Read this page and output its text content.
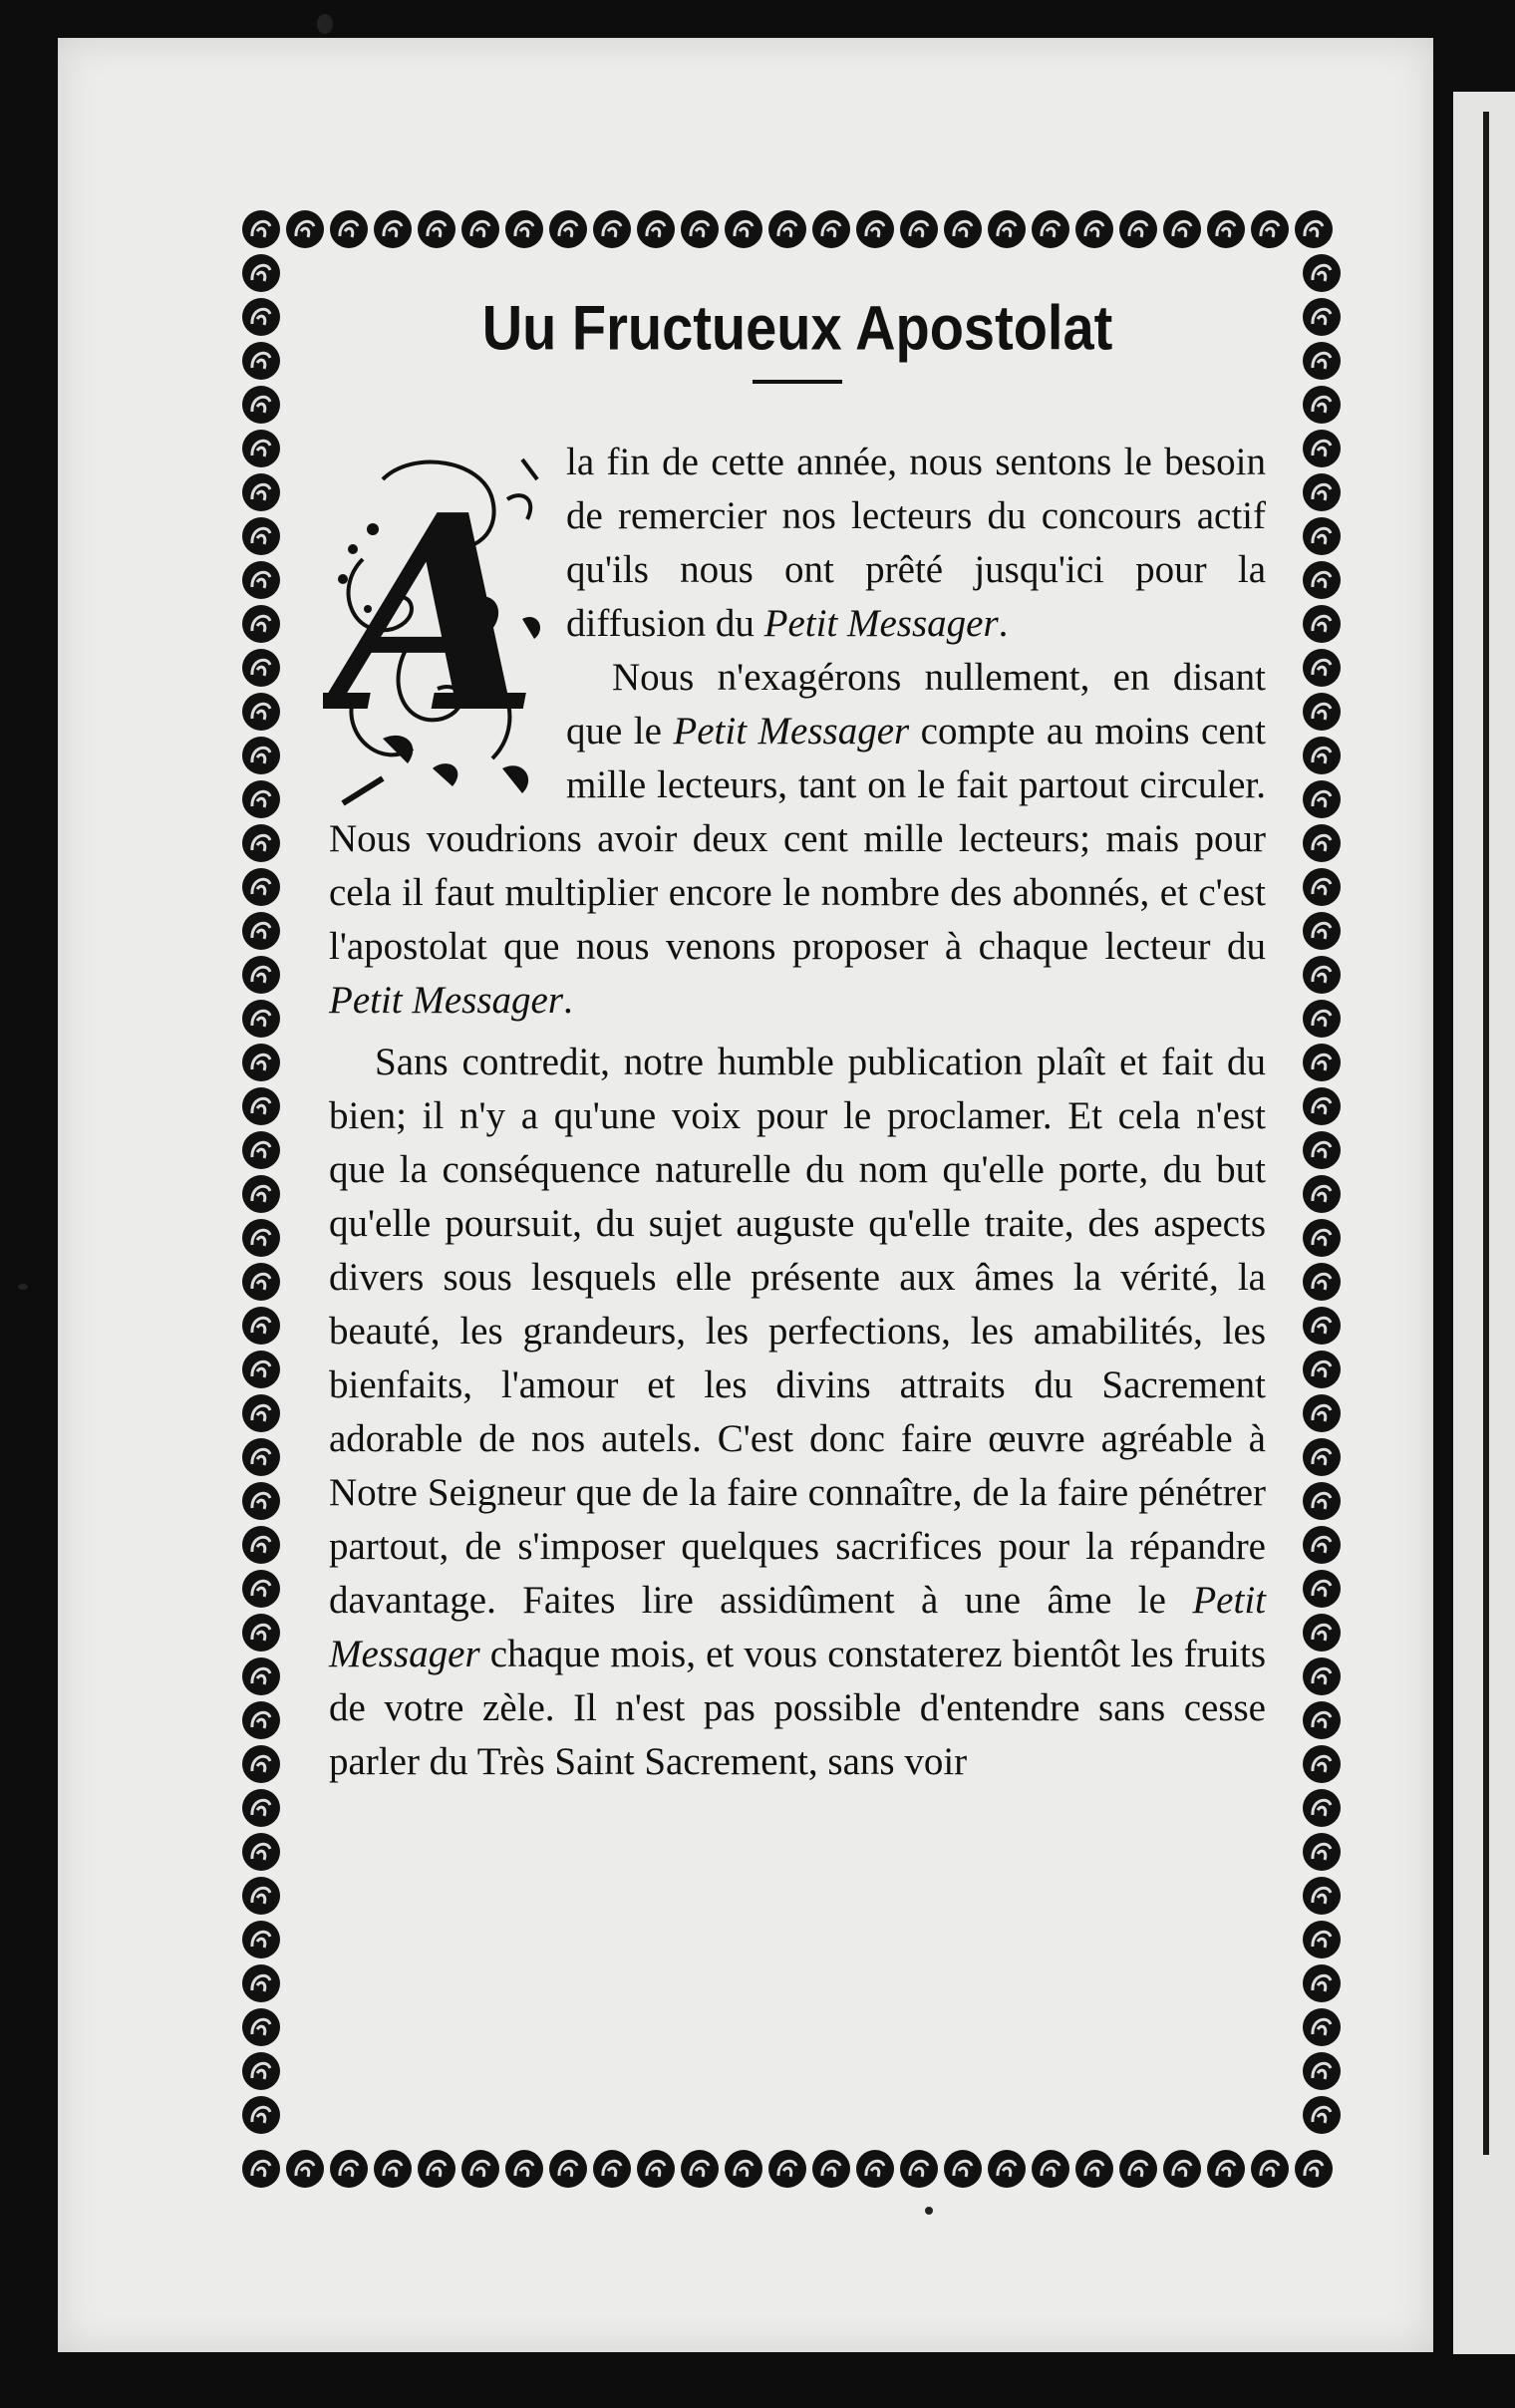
Uu Fructueux Apostolat
A la fin de cette année, nous sentons le besoin de remercier nos lecteurs du concours actif qu'ils nous ont prêté jusqu'ici pour la diffusion du Petit Messager.

Nous n'exagérons nullement, en disant que le Petit Messager compte au moins cent mille lecteurs, tant on le fait partout circuler. Nous voudrions avoir deux cent mille lecteurs; mais pour cela il faut multiplier encore le nombre des abonnés, et c'est l'apostolat que nous venons proposer à chaque lecteur du Petit Messager.

Sans contredit, notre humble publication plaît et fait du bien; il n'y a qu'une voix pour le proclamer. Et cela n'est que la conséquence naturelle du nom qu'elle porte, du but qu'elle poursuit, du sujet auguste qu'elle traite, des aspects divers sous lesquels elle présente aux âmes la vérité, la beauté, les grandeurs, les perfections, les amabilités, les bienfaits, l'amour et les divins attraits du Sacrement adorable de nos autels. C'est donc faire œuvre agréable à Notre Seigneur que de la faire connaître, de la faire pénétrer partout, de s'imposer quelques sacrifices pour la répandre davantage. Faites lire assidûment à une âme le Petit Messager chaque mois, et vous constaterez bientôt les fruits de votre zèle. Il n'est pas possible d'entendre sans cesse parler du Très Saint Sacrement, sans voir
